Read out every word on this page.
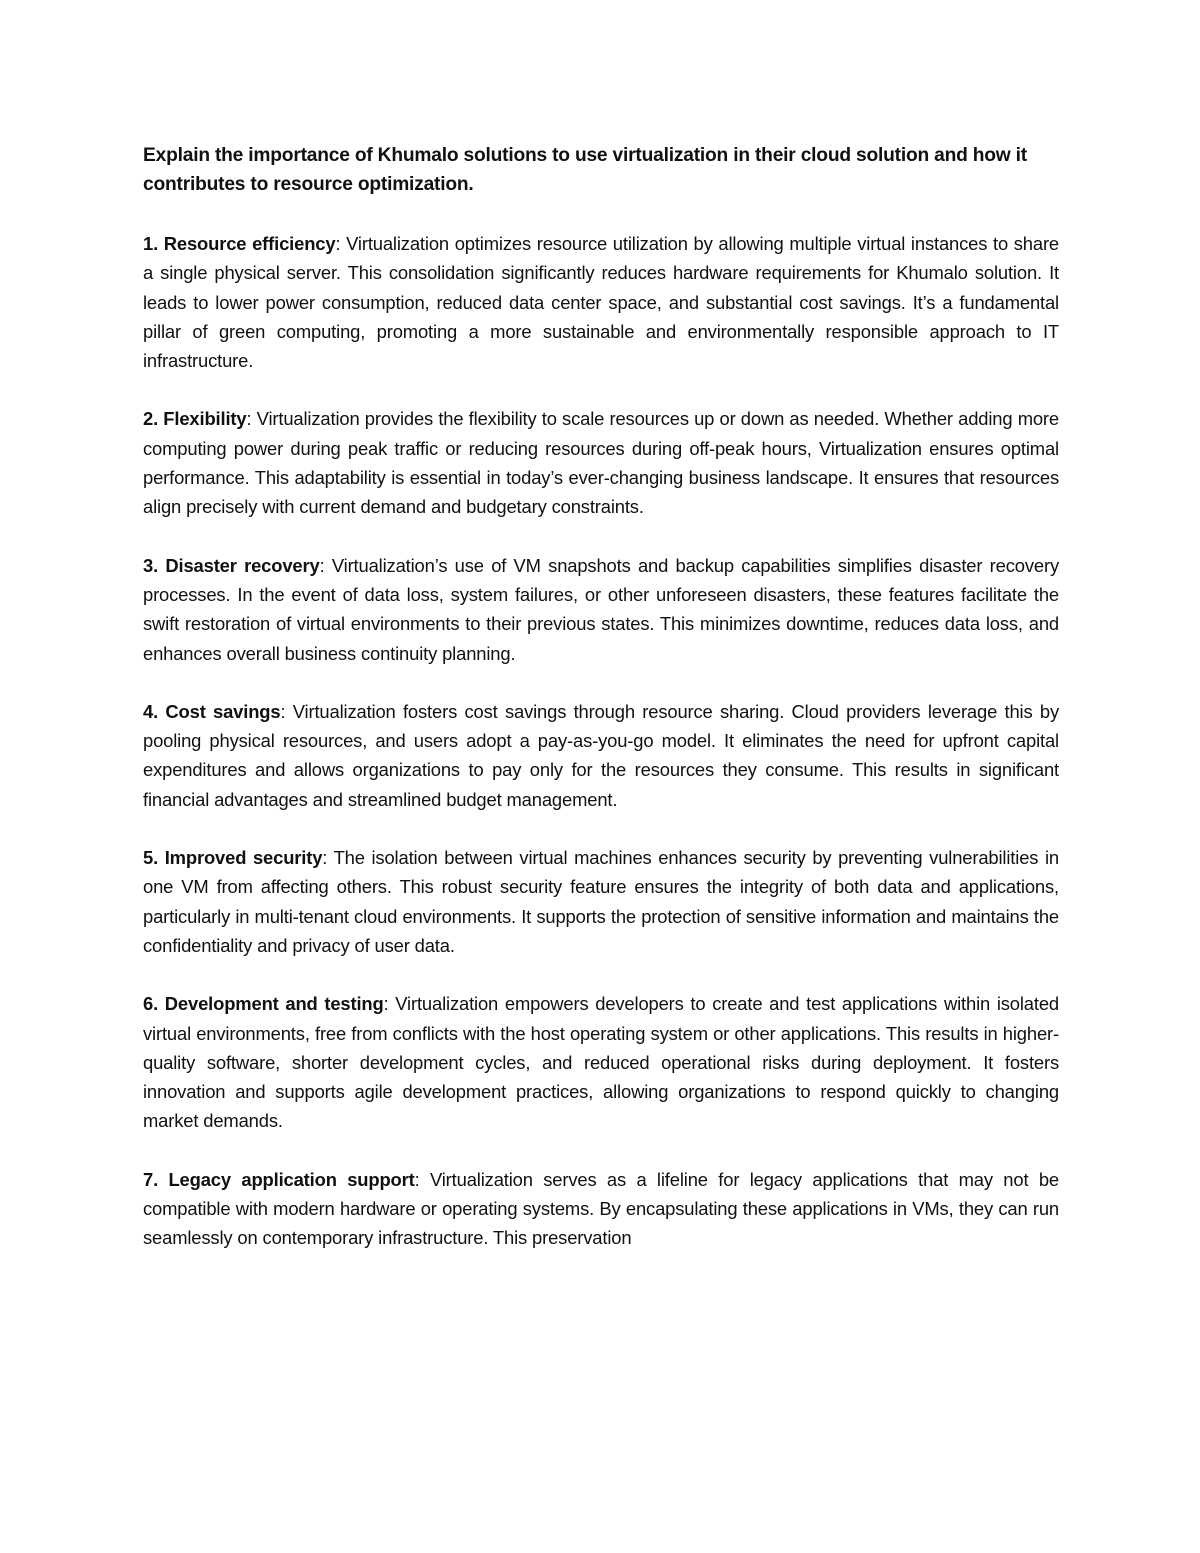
Explain the importance of Khumalo solutions to use virtualization in their cloud solution and how it contributes to resource optimization.

1. Resource efficiency: Virtualization optimizes resource utilization by allowing multiple virtual instances to share a single physical server. This consolidation significantly reduces hardware requirements for Khumalo solution. It leads to lower power consumption, reduced data center space, and substantial cost savings. It’s a fundamental pillar of green computing, promoting a more sustainable and environmentally responsible approach to IT infrastructure.

2. Flexibility: Virtualization provides the flexibility to scale resources up or down as needed. Whether adding more computing power during peak traffic or reducing resources during off-peak hours, Virtualization ensures optimal performance. This adaptability is essential in today’s ever-changing business landscape. It ensures that resources align precisely with current demand and budgetary constraints.

3. Disaster recovery: Virtualization’s use of VM snapshots and backup capabilities simplifies disaster recovery processes. In the event of data loss, system failures, or other unforeseen disasters, these features facilitate the swift restoration of virtual environments to their previous states. This minimizes downtime, reduces data loss, and enhances overall business continuity planning.

4. Cost savings: Virtualization fosters cost savings through resource sharing. Cloud providers leverage this by pooling physical resources, and users adopt a pay-as-you-go model. It eliminates the need for upfront capital expenditures and allows organizations to pay only for the resources they consume. This results in significant financial advantages and streamlined budget management.

5. Improved security: The isolation between virtual machines enhances security by preventing vulnerabilities in one VM from affecting others. This robust security feature ensures the integrity of both data and applications, particularly in multi-tenant cloud environments. It supports the protection of sensitive information and maintains the confidentiality and privacy of user data.

6. Development and testing: Virtualization empowers developers to create and test applications within isolated virtual environments, free from conflicts with the host operating system or other applications. This results in higher-quality software, shorter development cycles, and reduced operational risks during deployment. It fosters innovation and supports agile development practices, allowing organizations to respond quickly to changing market demands.

7. Legacy application support: Virtualization serves as a lifeline for legacy applications that may not be compatible with modern hardware or operating systems. By encapsulating these applications in VMs, they can run seamlessly on contemporary infrastructure. This preservation
